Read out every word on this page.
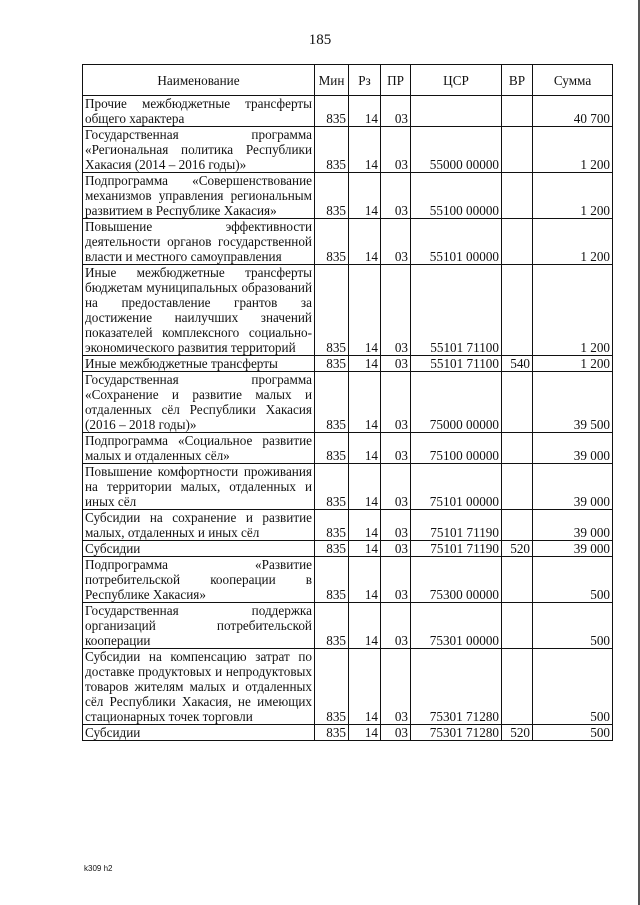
185
Наименование	Мин	Рз	ПР	ЦСР	ВР	Сумма
Прочие межбюджетные трансферты общего характера	835	14	03			40 700
Государственная программа «Региональная политика Республики Хакасия (2014 – 2016 годы)»	835	14	03	55000 00000		1 200
Подпрограмма «Совершенствование механизмов управления региональным развитием в Республике Хакасия»	835	14	03	55100 00000		1 200
Повышение эффективности деятельности органов государственной власти и местного самоуправления	835	14	03	55101 00000		1 200
Иные межбюджетные трансферты бюджетам муниципальных образований на предоставление грантов за достижение наилучших значений показателей комплексного социально-экономического развития территорий	835	14	03	55101 71100		1 200
Иные межбюджетные трансферты	835	14	03	55101 71100	540	1 200
Государственная программа «Сохранение и развитие малых и отдаленных сёл Республики Хакасия (2016 – 2018 годы)»	835	14	03	75000 00000		39 500
Подпрограмма «Социальное развитие малых и отдаленных сёл»	835	14	03	75100 00000		39 000
Повышение комфортности проживания на территории малых, отдаленных и иных сёл	835	14	03	75101 00000		39 000
Субсидии на сохранение и развитие малых, отдаленных и иных сёл	835	14	03	75101 71190		39 000
Субсидии	835	14	03	75101 71190	520	39 000
Подпрограмма «Развитие потребительской кооперации в Республике Хакасия»	835	14	03	75300 00000		500
Государственная поддержка организаций потребительской кооперации	835	14	03	75301 00000		500
Субсидии на компенсацию затрат по доставке продуктовых и непродуктовых товаров жителям малых и отдаленных сёл Республики Хакасия, не имеющих стационарных точек торговли	835	14	03	75301 71280		500
Субсидии	835	14	03	75301 71280	520	500
k309 h2
